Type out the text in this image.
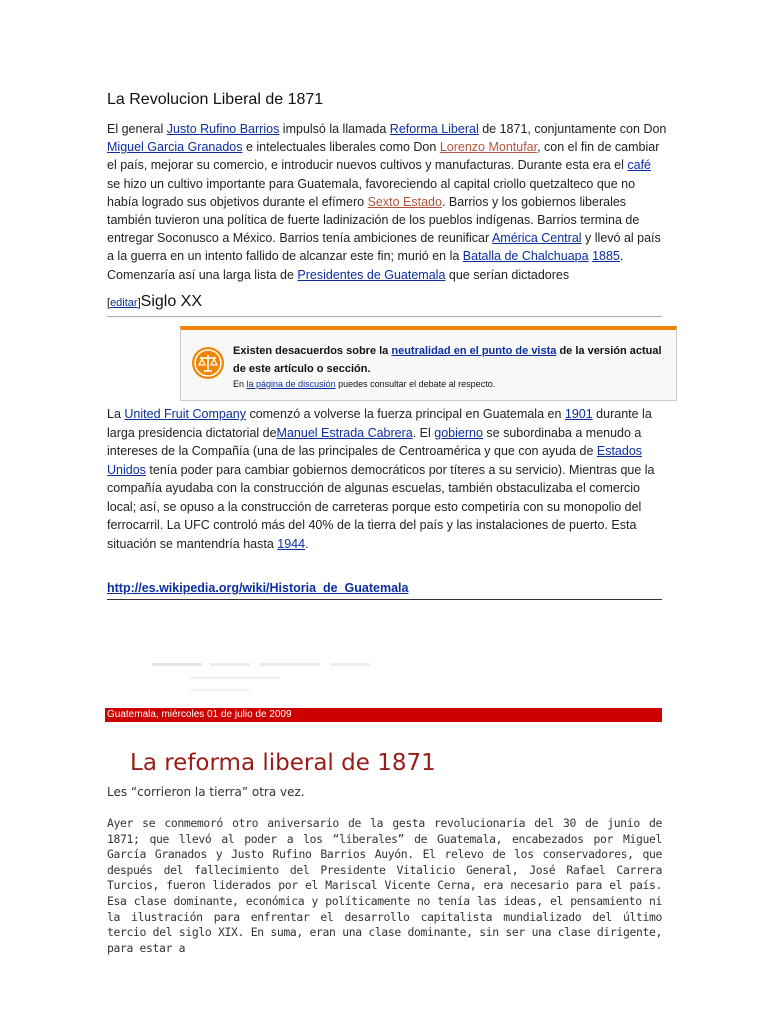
La Revolucion Liberal de 1871
El general Justo Rufino Barrios impulsó la llamada Reforma Liberal de 1871, conjuntamente con Don Miguel Garcia Granados e intelectuales liberales como Don Lorenzo Montufar, con el fin de cambiar el país, mejorar su comercio, e introducir nuevos cultivos y manufacturas. Durante esta era el café se hizo un cultivo importante para Guatemala, favoreciendo al capital criollo quetzalteco que no había logrado sus objetivos durante el efímero Sexto Estado. Barrios y los gobiernos liberales también tuvieron una política de fuerte ladinización de los pueblos indígenas. Barrios termina de entregar Soconusco a México. Barrios tenía ambiciones de reunificar América Central y llevó al país a la guerra en un intento fallido de alcanzar este fin; murió en la Batalla de Chalchuapa 1885. Comenzaría así una larga lista de Presidentes de Guatemala que serían dictadores
[editar]Siglo XX
Existen desacuerdos sobre la neutralidad en el punto de vista de la versión actual de este artículo o sección.
En la página de discusión puedes consultar el debate al respecto.
La United Fruit Company comenzó a volverse la fuerza principal en Guatemala en 1901 durante la larga presidencia dictatorial deManuel Estrada Cabrera. El gobierno se subordinaba a menudo a intereses de la Compañía (una de las principales de Centroamérica y que con ayuda de Estados Unidos tenía poder para cambiar gobiernos democráticos por títeres a su servicio). Mientras que la compañía ayudaba con la construcción de algunas escuelas, también obstaculizaba el comercio local; así, se opuso a la construcción de carreteras porque esto competiría con su monopolio del ferrocarril. La UFC controló más del 40% de la tierra del país y las instalaciones de puerto. Esta situación se mantendría hasta 1944.
http://es.wikipedia.org/wiki/Historia_de_Guatemala
Guatemala, miércoles 01 de julio de 2009
La reforma liberal de 1871
Les “corrieron la tierra” otra vez.
Ayer se conmemoró otro aniversario de la gesta revolucionaria del 30 de junio de 1871; que llevó al poder a los “liberales” de Guatemala, encabezados por Miguel García Granados y Justo Rufino Barrios Auyón. El relevo de los conservadores, que después del fallecimiento del Presidente Vitalicio General, José Rafael Carrera Turcios, fueron liderados por el Mariscal Vicente Cerna, era necesario para el país. Esa clase dominante, económica y políticamente no tenía las ideas, el pensamiento ni la ilustración para enfrentar el desarrollo capitalista mundializado del último tercio del siglo XIX. En suma, eran una clase dominante, sin ser una clase dirigente, para estar a
